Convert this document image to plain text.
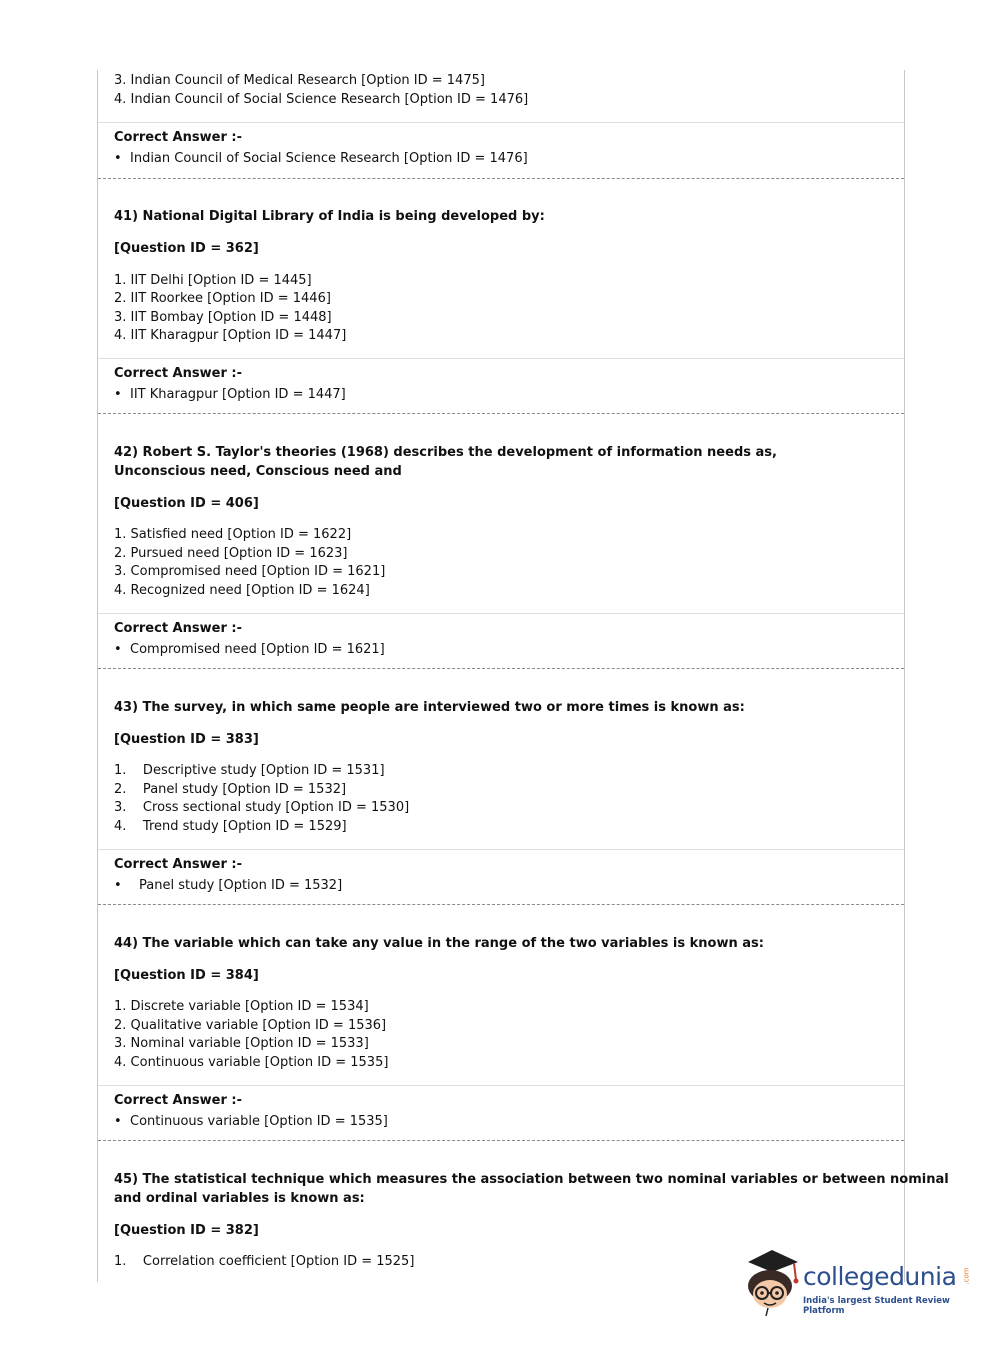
3. Indian Council of Medical Research [Option ID = 1475]
4. Indian Council of Social Science Research [Option ID = 1476]
Correct Answer :-
• Indian Council of Social Science Research [Option ID = 1476]
41) National Digital Library of India is being developed by:
[Question ID = 362]
1. IIT Delhi [Option ID = 1445]
2. IIT Roorkee [Option ID = 1446]
3. IIT Bombay [Option ID = 1448]
4. IIT Kharagpur [Option ID = 1447]
Correct Answer :-
• IIT Kharagpur [Option ID = 1447]
42) Robert S. Taylor's theories (1968) describes the development of information needs as,
Unconscious need, Conscious need and
[Question ID = 406]
1. Satisfied need [Option ID = 1622]
2. Pursued need [Option ID = 1623]
3. Compromised need [Option ID = 1621]
4. Recognized need [Option ID = 1624]
Correct Answer :-
• Compromised need [Option ID = 1621]
43) The survey, in which same people are interviewed two or more times is known as:
[Question ID = 383]
1.    Descriptive study [Option ID = 1531]
2.    Panel study [Option ID = 1532]
3.    Cross sectional study [Option ID = 1530]
4.    Trend study [Option ID = 1529]
Correct Answer :-
• Panel study [Option ID = 1532]
44) The variable which can take any value in the range of the two variables is known as:
[Question ID = 384]
1. Discrete variable [Option ID = 1534]
2. Qualitative variable [Option ID = 1536]
3. Nominal variable [Option ID = 1533]
4. Continuous variable [Option ID = 1535]
Correct Answer :-
• Continuous variable [Option ID = 1535]
45) The statistical technique which measures the association between two nominal variables or between nominal
and ordinal variables is known as:
[Question ID = 382]
1.    Correlation coefficient [Option ID = 1525]
collegedunia .com
India's largest Student Review Platform
